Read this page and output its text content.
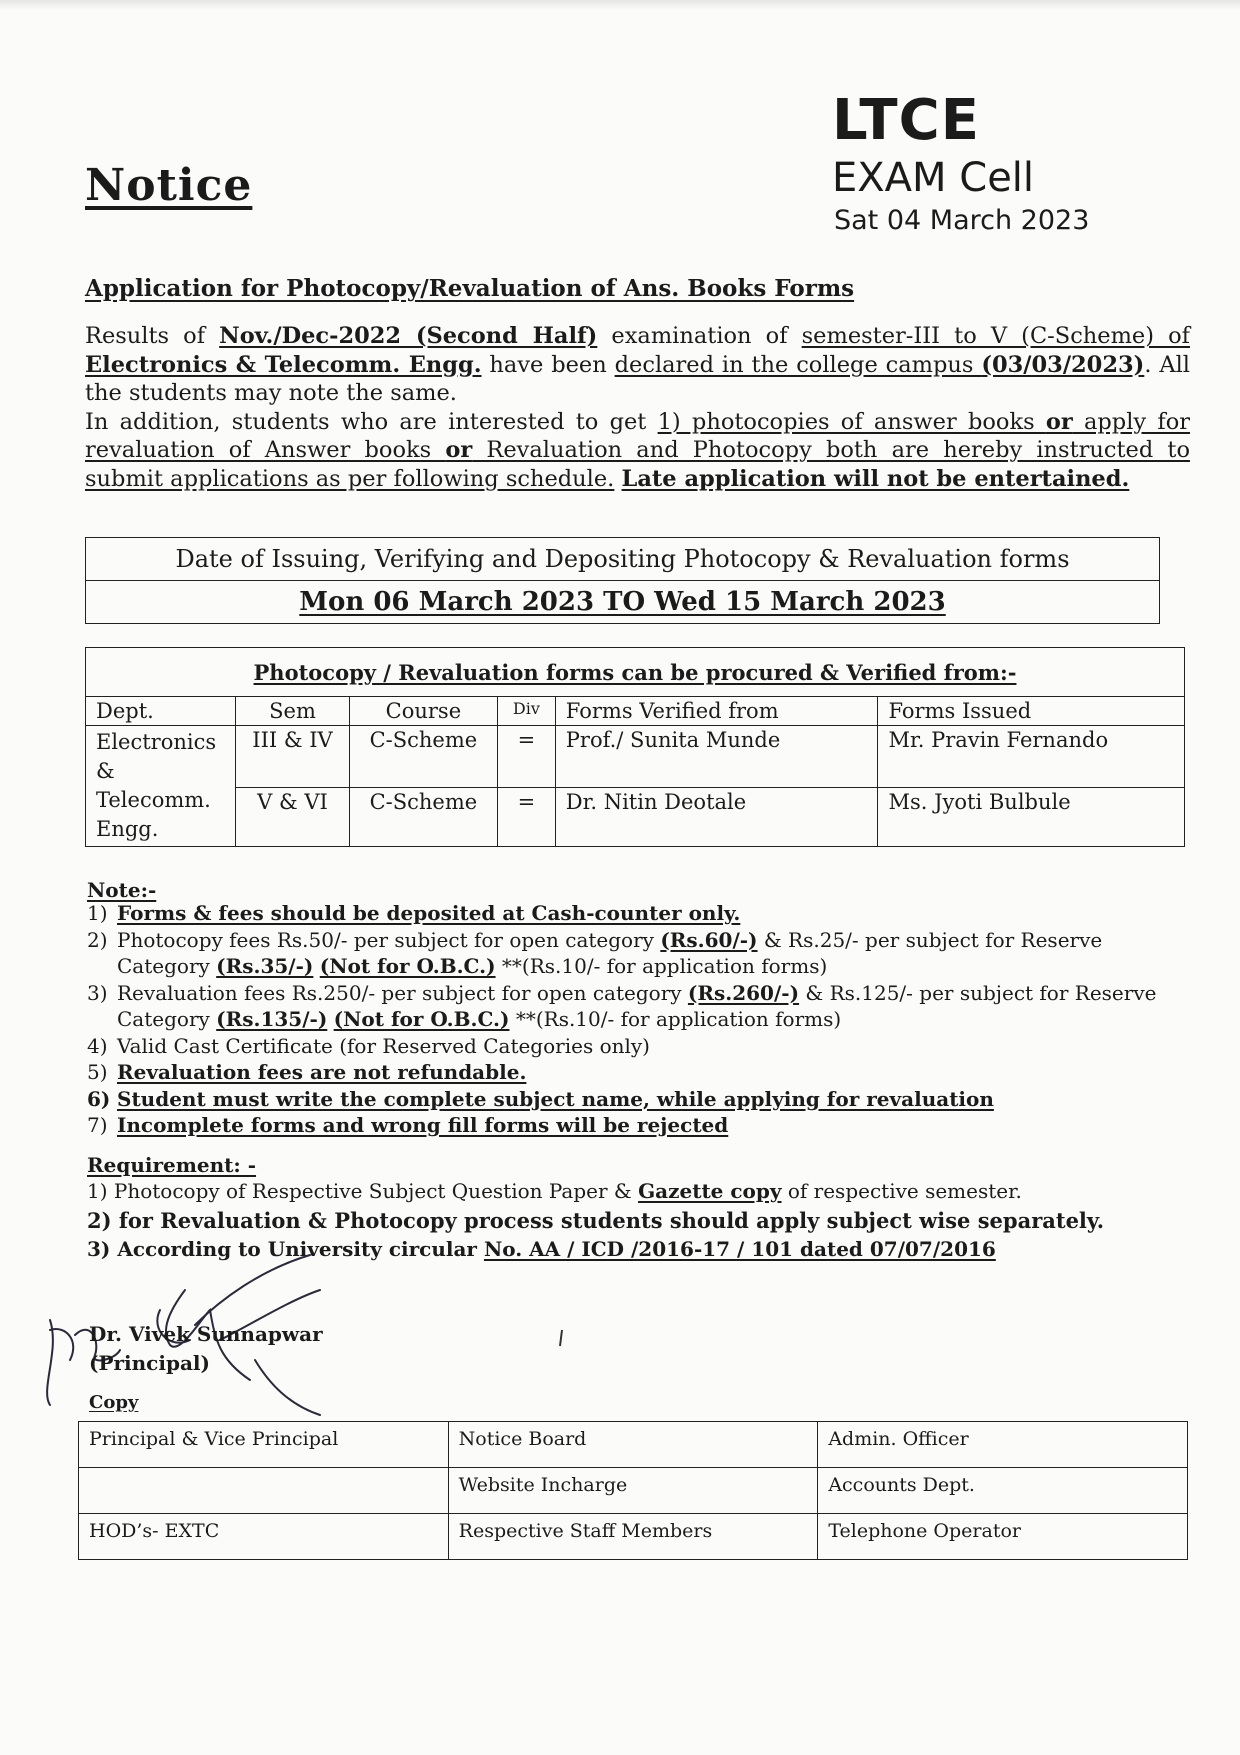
Notice
LTCE
EXAM Cell
Sat 04 March 2023
Application for Photocopy/Revaluation of Ans. Books Forms
Results of Nov./Dec-2022 (Second Half) examination of semester-III to V (C-Scheme) of Electronics & Telecomm. Engg. have been declared in the college campus (03/03/2023). All the students may note the same.
In addition, students who are interested to get 1) photocopies of answer books or apply for revaluation of Answer books or Revaluation and Photocopy both are hereby instructed to submit applications as per following schedule. Late application will not be entertained.
Date of Issuing, Verifying and Depositing Photocopy & Revaluation forms
Mon 06 March 2023 TO Wed 15 March 2023
Photocopy / Revaluation forms can be procured & Verified from:-					
Dept.	Sem	Course	Div	Forms Verified from	Forms Issued
Electronics & Telecomm. Engg.	III & IV	C-Scheme	=	Prof./ Sunita Munde	Mr. Pravin Fernando
	V & VI	C-Scheme	=	Dr. Nitin Deotale	Ms. Jyoti Bulbule
Note:-
1) Forms & fees should be deposited at Cash-counter only.
2) Photocopy fees Rs.50/- per subject for open category (Rs.60/-) & Rs.25/- per subject for Reserve Category (Rs.35/-) (Not for O.B.C.) **(Rs.10/- for application forms)
3) Revaluation fees Rs.250/- per subject for open category (Rs.260/-) & Rs.125/- per subject for Reserve Category (Rs.135/-) (Not for O.B.C.) **(Rs.10/- for application forms)
4) Valid Cast Certificate (for Reserved Categories only)
5) Revaluation fees are not refundable.
6) Student must write the complete subject name, while applying for revaluation
7) Incomplete forms and wrong fill forms will be rejected
Requirement: -
1) Photocopy of Respective Subject Question Paper & Gazette copy of respective semester.
2) for Revaluation & Photocopy process students should apply subject wise separately.
3) According to University circular No. AA / ICD /2016-17 / 101 dated 07/07/2016
Dr. Vivek Sunnapwar
(Principal)
Copy
Principal & Vice Principal	Notice Board	Admin. Officer
	Website Incharge	Accounts Dept.
HOD’s- EXTC	Respective Staff Members	Telephone Operator
